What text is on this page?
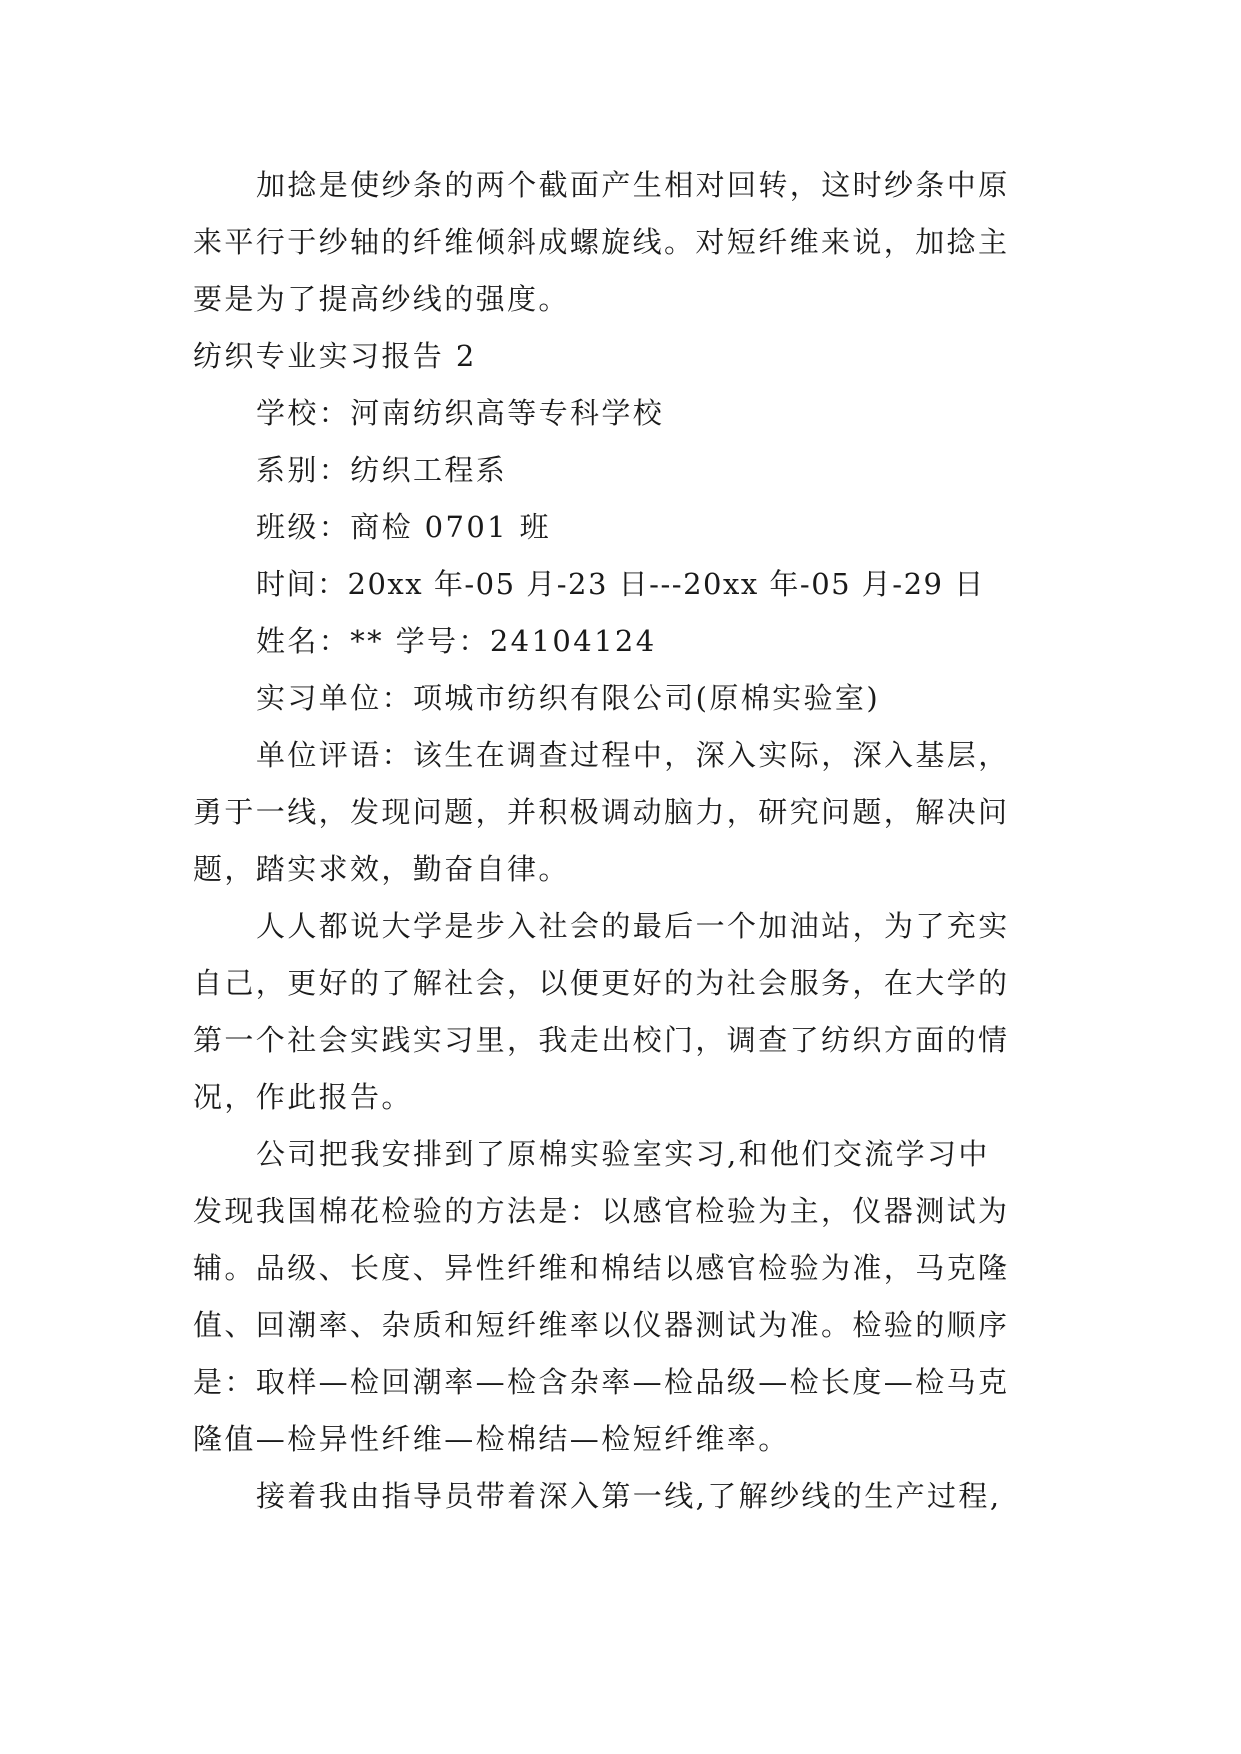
加捻是使纱条的两个截面产生相对回转，这时纱条中原
来平行于纱轴的纤维倾斜成螺旋线。对短纤维来说，加捻主
要是为了提高纱线的强度。
纺织专业实习报告 2
学校：河南纺织高等专科学校
系别：纺织工程系
班级：商检 0701 班
时间：20xx 年-05 月-23 日---20xx 年-05 月-29 日
姓名：** 学号：24104124
实习单位：项城市纺织有限公司(原棉实验室)
单位评语：该生在调查过程中，深入实际，深入基层，
勇于一线，发现问题，并积极调动脑力，研究问题，解决问
题，踏实求效，勤奋自律。
人人都说大学是步入社会的最后一个加油站，为了充实
自己，更好的了解社会，以便更好的为社会服务，在大学的
第一个社会实践实习里，我走出校门，调查了纺织方面的情
况，作此报告。
公司把我安排到了原棉实验室实习,和他们交流学习中
发现我国棉花检验的方法是：以感官检验为主，仪器测试为
辅。品级、长度、异性纤维和棉结以感官检验为准，马克隆
值、回潮率、杂质和短纤维率以仪器测试为准。检验的顺序
是：取样—检回潮率—检含杂率—检品级—检长度—检马克
隆值—检异性纤维—检棉结—检短纤维率。
接着我由指导员带着深入第一线,了解纱线的生产过程,
